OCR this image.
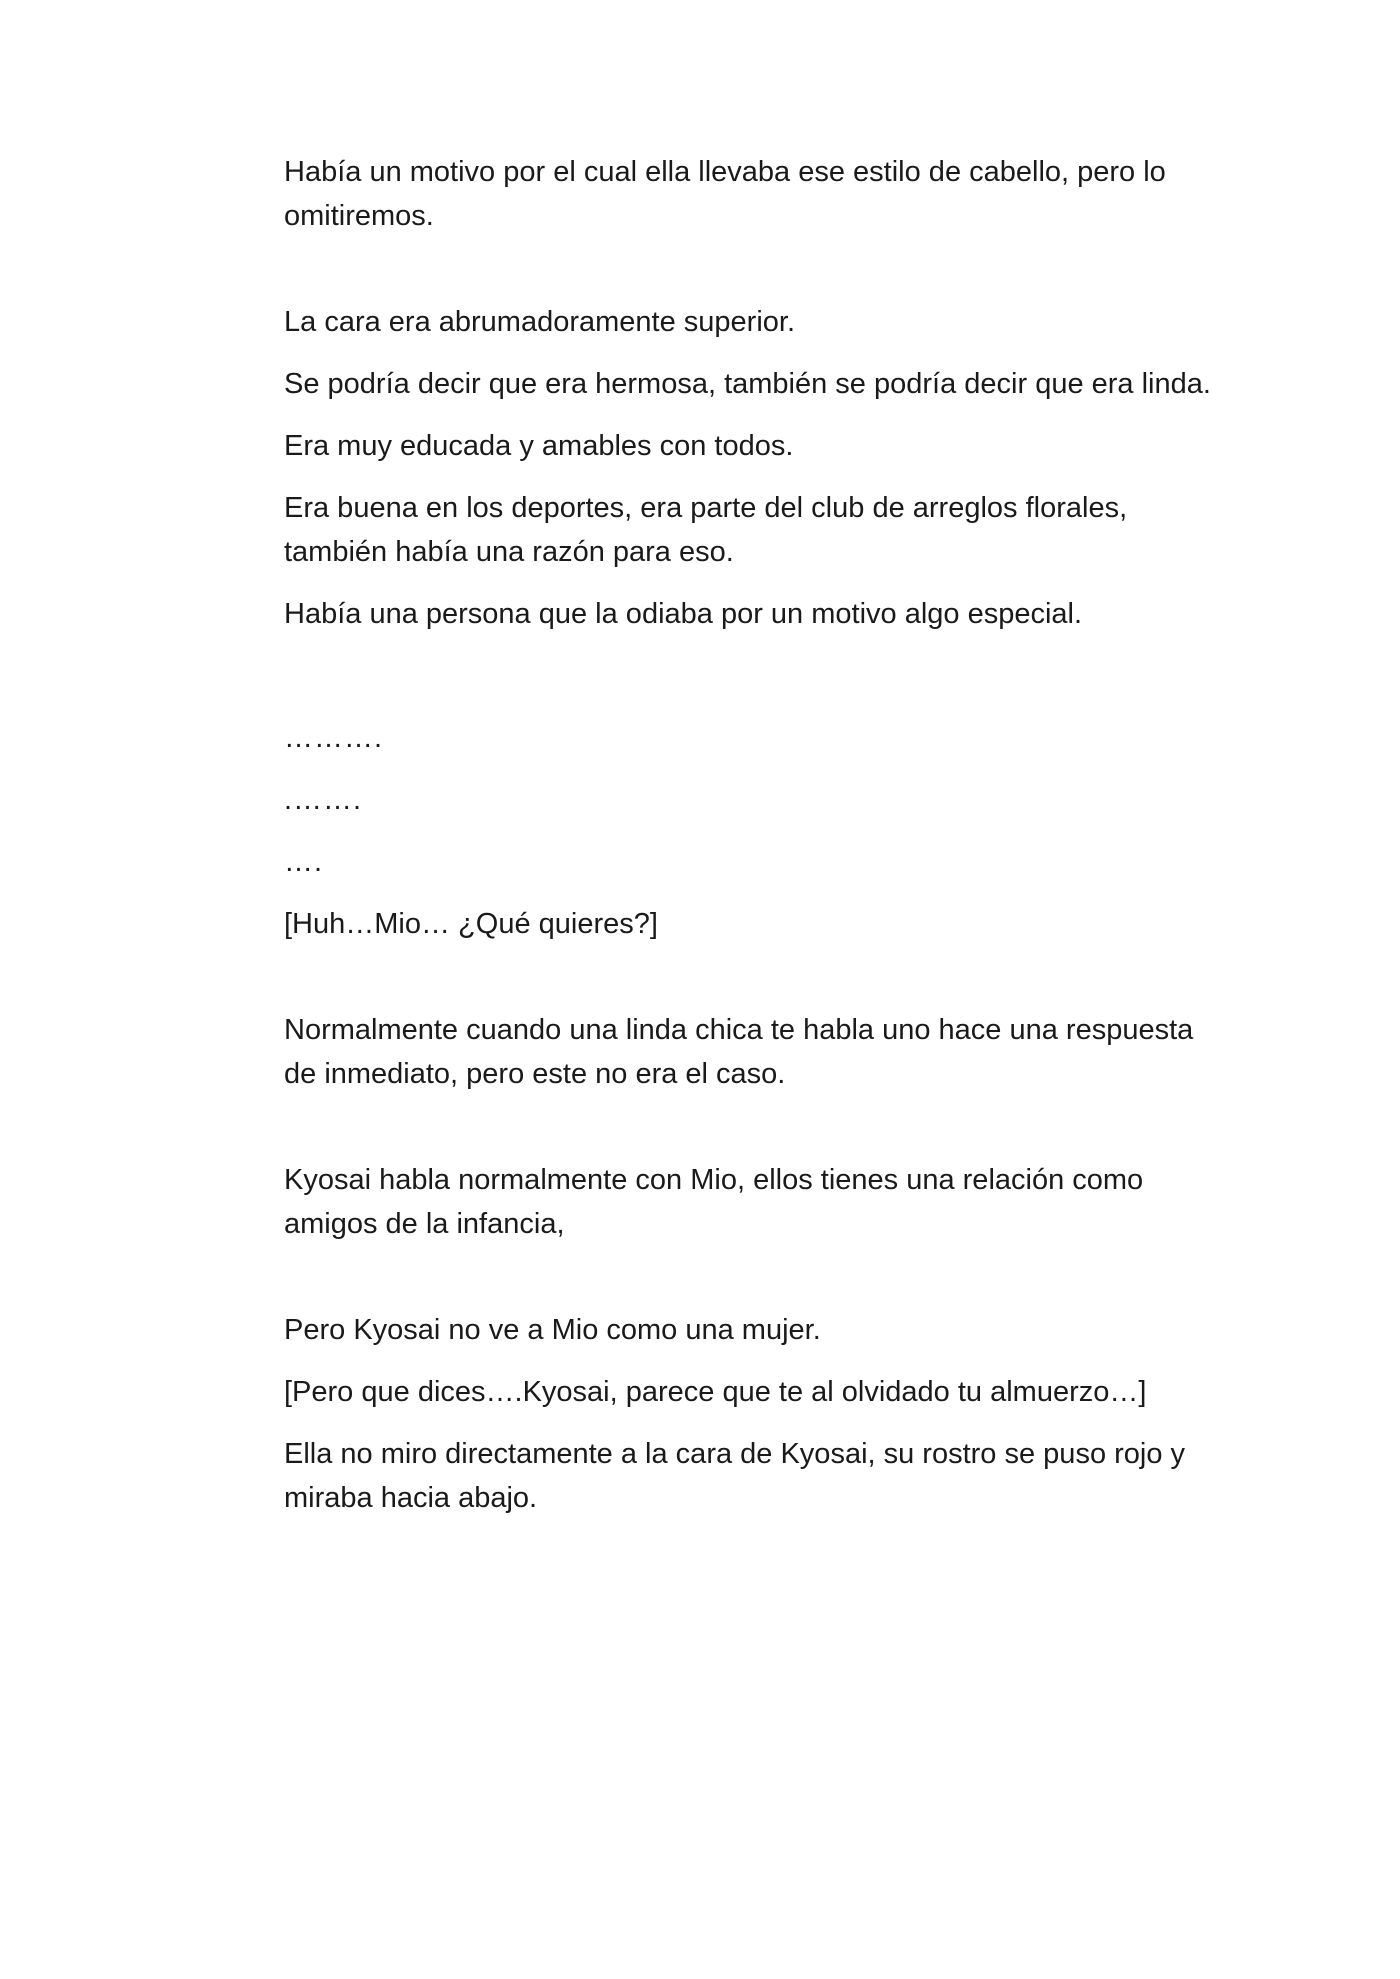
Había un motivo por el cual ella llevaba ese estilo de cabello, pero lo omitiremos.

La cara era abrumadoramente superior.

Se podría decir que era hermosa, también se podría decir que era linda.

Era muy educada y amables con todos.

Era buena en los deportes, era parte del club de arreglos florales, también había una razón para eso.

Había una persona que la odiaba por un motivo algo especial.

……….

.…….

….

[Huh…Mio… ¿Qué quieres?]

Normalmente cuando una linda chica te habla uno hace una respuesta de inmediato, pero este no era el caso.

Kyosai habla normalmente con Mio, ellos tienes una relación como amigos de la infancia,

Pero Kyosai no ve a Mio como una mujer.

[Pero que dices….Kyosai, parece que te al olvidado tu almuerzo…]

Ella no miro directamente a la cara de Kyosai, su rostro se puso rojo y miraba hacia abajo.
